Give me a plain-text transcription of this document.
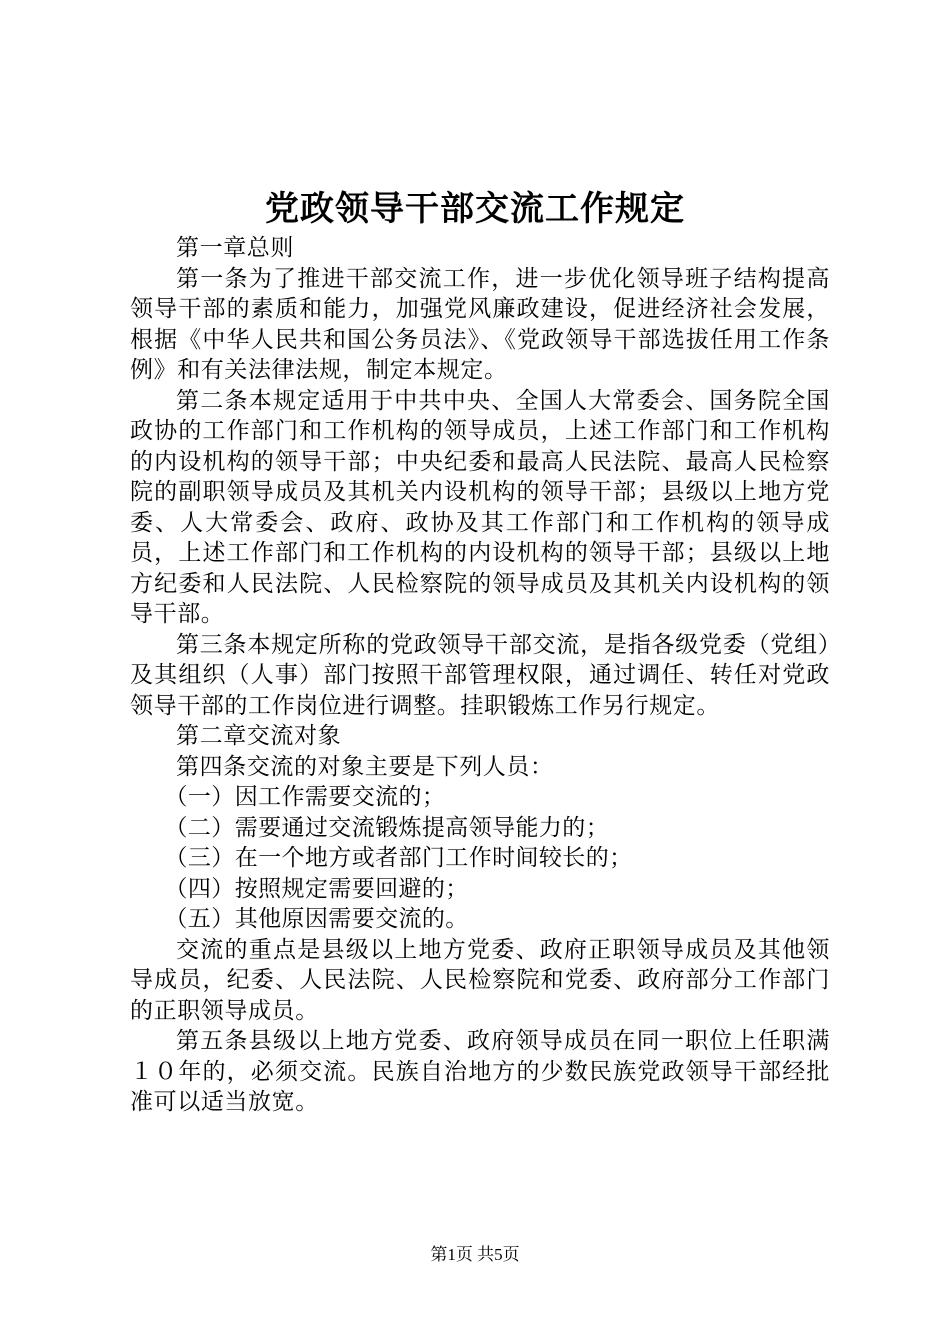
党政领导干部交流工作规定

第一章总则

第一条为了推进干部交流工作，进一步优化领导班子结构提高领导干部的素质和能力，加强党风廉政建设，促进经济社会发展，根据《中华人民共和国公务员法》、《党政领导干部选拔任用工作条例》和有关法律法规，制定本规定。

第二条本规定适用于中共中央、全国人大常委会、国务院全国政协的工作部门和工作机构的领导成员，上述工作部门和工作机构的内设机构的领导干部；中央纪委和最高人民法院、最高人民检察院的副职领导成员及其机关内设机构的领导干部；县级以上地方党委、人大常委会、政府、政协及其工作部门和工作机构的领导成员，上述工作部门和工作机构的内设机构的领导干部；县级以上地方纪委和人民法院、人民检察院的领导成员及其机关内设机构的领导干部。

第三条本规定所称的党政领导干部交流，是指各级党委（党组）及其组织（人事）部门按照干部管理权限，通过调任、转任对党政领导干部的工作岗位进行调整。挂职锻炼工作另行规定。

第二章交流对象

第四条交流的对象主要是下列人员：

（一）因工作需要交流的；

（二）需要通过交流锻炼提高领导能力的；

（三）在一个地方或者部门工作时间较长的；

（四）按照规定需要回避的；

（五）其他原因需要交流的。

交流的重点是县级以上地方党委、政府正职领导成员及其他领导成员，纪委、人民法院、人民检察院和党委、政府部分工作部门的正职领导成员。

第五条县级以上地方党委、政府领导成员在同一职位上任职满１０年的，必须交流。民族自治地方的少数民族党政领导干部经批准可以适当放宽。

第1页 共5页
